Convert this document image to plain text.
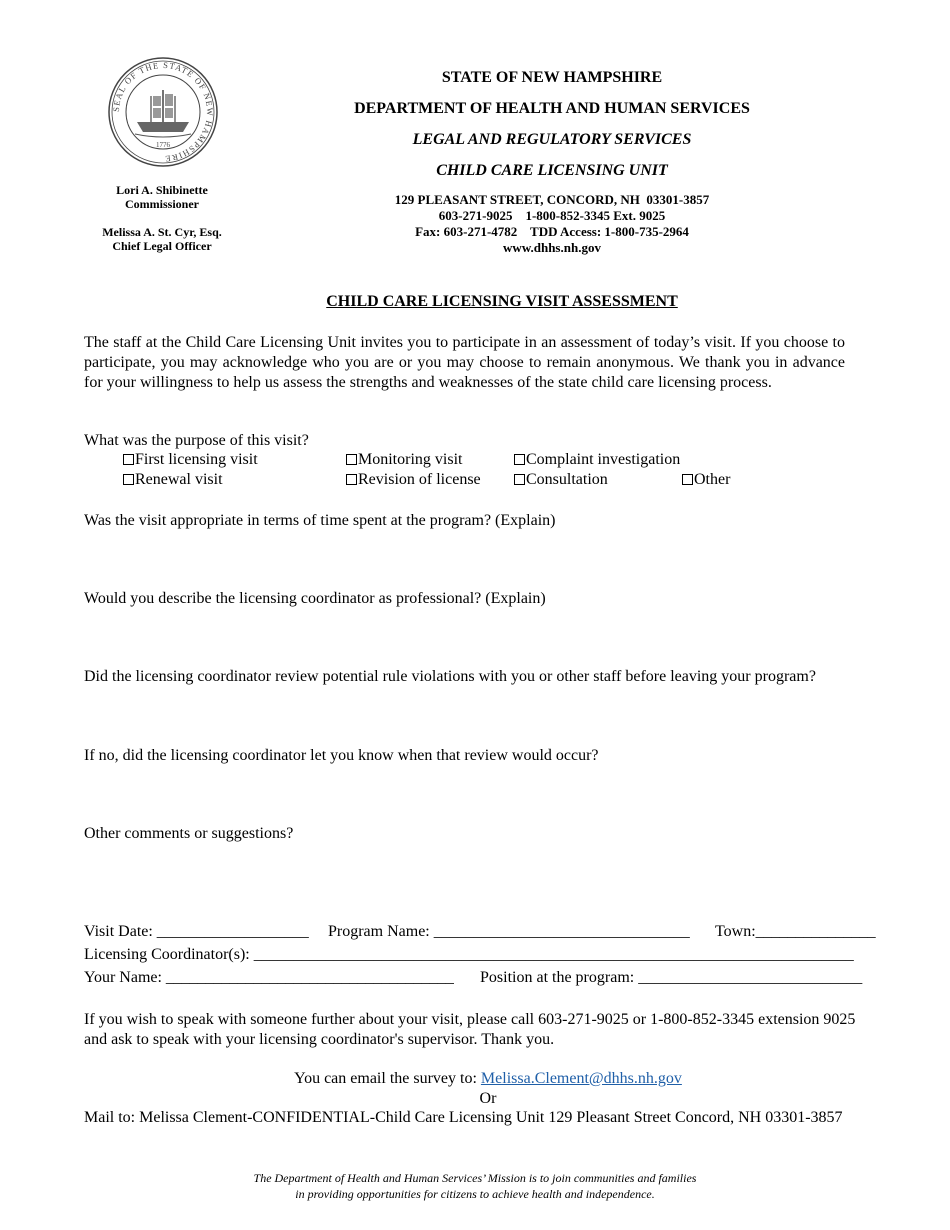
SEAL OF THE STATE OF NEW HAMPSHIRE
1776
Lori A. Shibinette
Commissioner
Melissa A. St. Cyr, Esq.
Chief Legal Officer
STATE OF NEW HAMPSHIRE
DEPARTMENT OF HEALTH AND HUMAN SERVICES
LEGAL AND REGULATORY SERVICES
CHILD CARE LICENSING UNIT
129 PLEASANT STREET, CONCORD, NH  03301-3857
603-271-9025    1-800-852-3345 Ext. 9025
Fax: 603-271-4782    TDD Access: 1-800-735-2964
www.dhhs.nh.gov
CHILD CARE LICENSING VISIT ASSESSMENT
The staff at the Child Care Licensing Unit invites you to participate in an assessment of today’s visit. If you choose to participate, you may acknowledge who you are or you may choose to remain anonymous. We thank you in advance for your willingness to help us assess the strengths and weaknesses of the state child care licensing process.
What was the purpose of this visit?
First licensing visit	Monitoring visit	Complaint investigation
Renewal visit	Revision of license	Consultation	Other
Was the visit appropriate in terms of time spent at the program? (Explain)
Would you describe the licensing coordinator as professional? (Explain)
Did the licensing coordinator review potential rule violations with you or other staff before leaving your program?
If no, did the licensing coordinator let you know when that review would occur?
Other comments or suggestions?
Visit Date: ___________________ Program Name: ________________________________ Town:_______________
Licensing Coordinator(s): ___________________________________________________________________________
Your Name: ____________________________________ Position at the program: ____________________________
If you wish to speak with someone further about your visit, please call 603-271-9025 or 1-800-852-3345 extension 9025 and ask to speak with your licensing coordinator's supervisor. Thank you.
You can email the survey to: Melissa.Clement@dhhs.nh.gov
Or
Mail to: Melissa Clement-CONFIDENTIAL-Child Care Licensing Unit 129 Pleasant Street Concord, NH 03301-3857
The Department of Health and Human Services’ Mission is to join communities and families
in providing opportunities for citizens to achieve health and independence.
